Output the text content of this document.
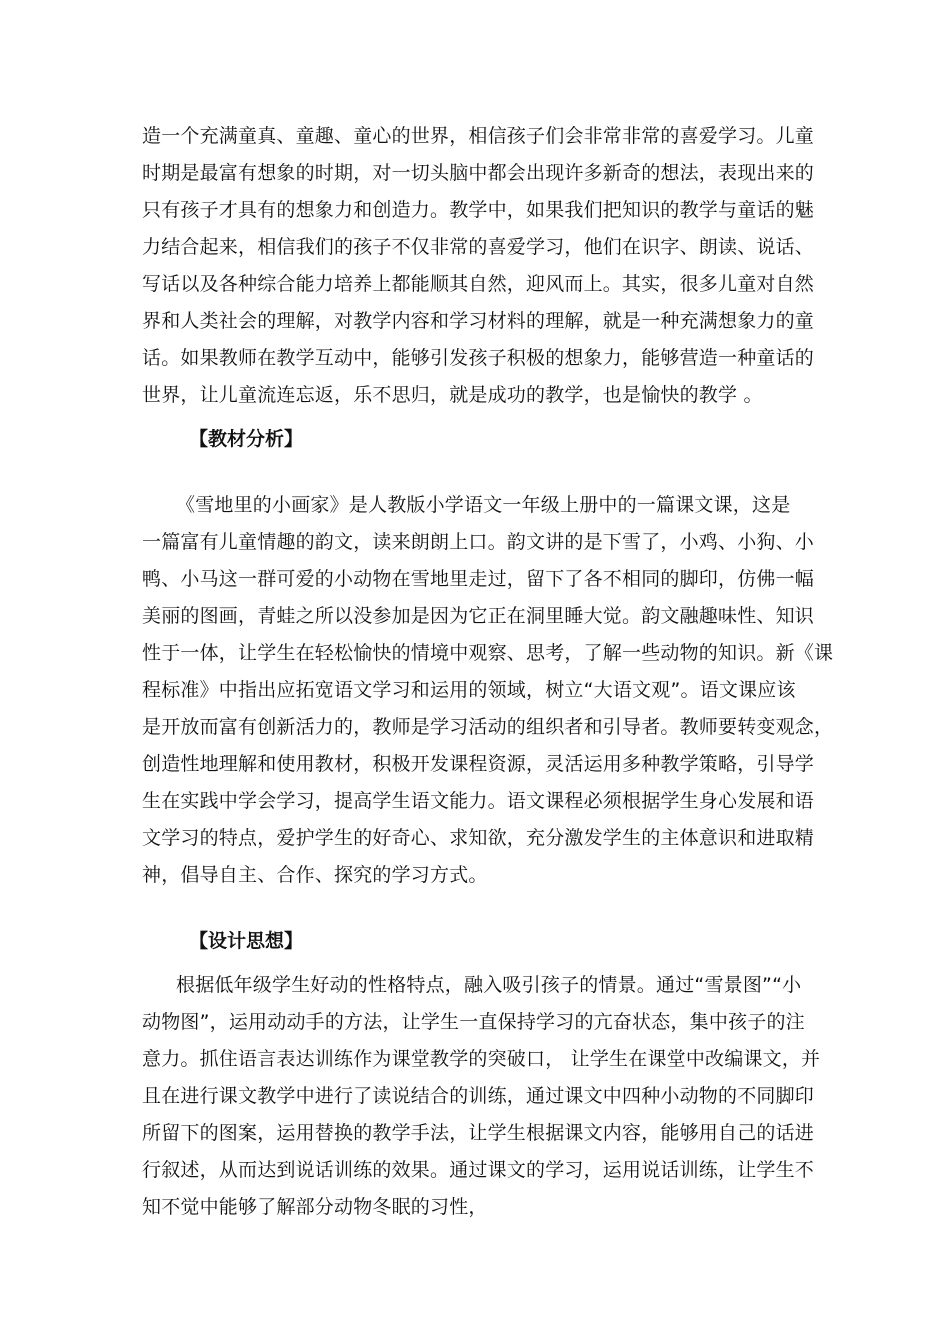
造一个充满童真、童趣、童心的世界，相信孩子们会非常非常的喜爱学习。儿童
时期是最富有想象的时期，对一切头脑中都会出现许多新奇的想法，表现出来的
只有孩子才具有的想象力和创造力。教学中，如果我们把知识的教学与童话的魅
力结合起来，相信我们的孩子不仅非常的喜爱学习，他们在识字、朗读、说话、
写话以及各种综合能力培养上都能顺其自然，迎风而上。其实，很多儿童对自然
界和人类社会的理解，对教学内容和学习材料的理解，就是一种充满想象力的童
话。如果教师在教学互动中，能够引发孩子积极的想象力，能够营造一种童话的
世界，让儿童流连忘返，乐不思归，就是成功的教学，也是愉快的教学 。
【教材分析】
《雪地里的小画家》是人教版小学语文一年级上册中的一篇课文课，这是
一篇富有儿童情趣的韵文，读来朗朗上口。韵文讲的是下雪了，小鸡、小狗、小
鸭、小马这一群可爱的小动物在雪地里走过，留下了各不相同的脚印，仿佛一幅
美丽的图画，青蛙之所以没参加是因为它正在洞里睡大觉。韵文融趣味性、知识
性于一体，让学生在轻松愉快的情境中观察、思考，了解一些动物的知识。新《课
程标准》中指出应拓宽语文学习和运用的领域，树立“大语文观”。语文课应该
是开放而富有创新活力的，教师是学习活动的组织者和引导者。教师要转变观念，
创造性地理解和使用教材，积极开发课程资源，灵活运用多种教学策略，引导学
生在实践中学会学习，提高学生语文能力。语文课程必须根据学生身心发展和语
文学习的特点，爱护学生的好奇心、求知欲，充分激发学生的主体意识和进取精
神，倡导自主、合作、探究的学习方式。
【设计思想】
根据低年级学生好动的性格特点，融入吸引孩子的情景。通过“雪景图”“小
动物图”，运用动动手的方法，让学生一直保持学习的亢奋状态，集中孩子的注
意力。抓住语言表达训练作为课堂教学的突破口， 让学生在课堂中改编课文，并
且在进行课文教学中进行了读说结合的训练，通过课文中四种小动物的不同脚印
所留下的图案，运用替换的教学手法，让学生根据课文内容，能够用自己的话进
行叙述，从而达到说话训练的效果。通过课文的学习，运用说话训练，让学生不
知不觉中能够了解部分动物冬眠的习性，
